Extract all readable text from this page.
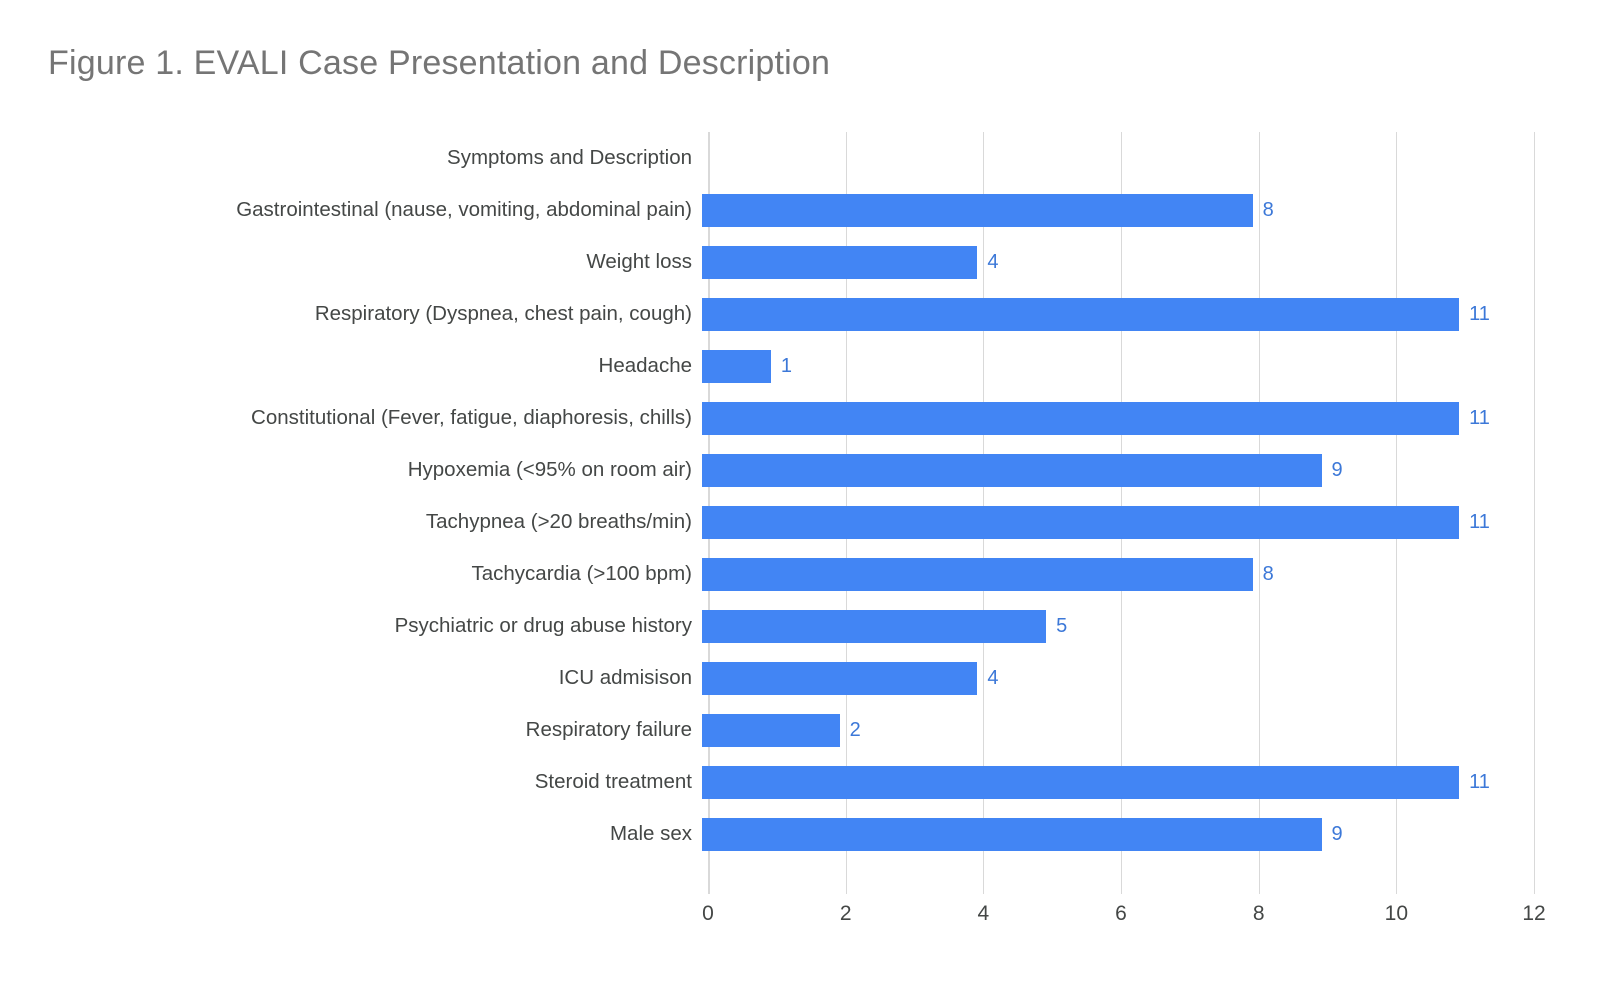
Figure 1. EVALI Case Presentation and Description
Symptoms and Description
Gastrointestinal (nause, vomiting, abdominal pain)	8
Weight loss	4
Respiratory (Dyspnea, chest pain, cough)	11
Headache	1
Constitutional (Fever, fatigue, diaphoresis, chills)	11
Hypoxemia (<95% on room air)	9
Tachypnea (>20 breaths/min)	11
Tachycardia (>100 bpm)	8
Psychiatric or drug abuse history	5
ICU admisison	4
Respiratory failure	2
Steroid treatment	11
Male sex	9
0	2	4	6	8	10	12
